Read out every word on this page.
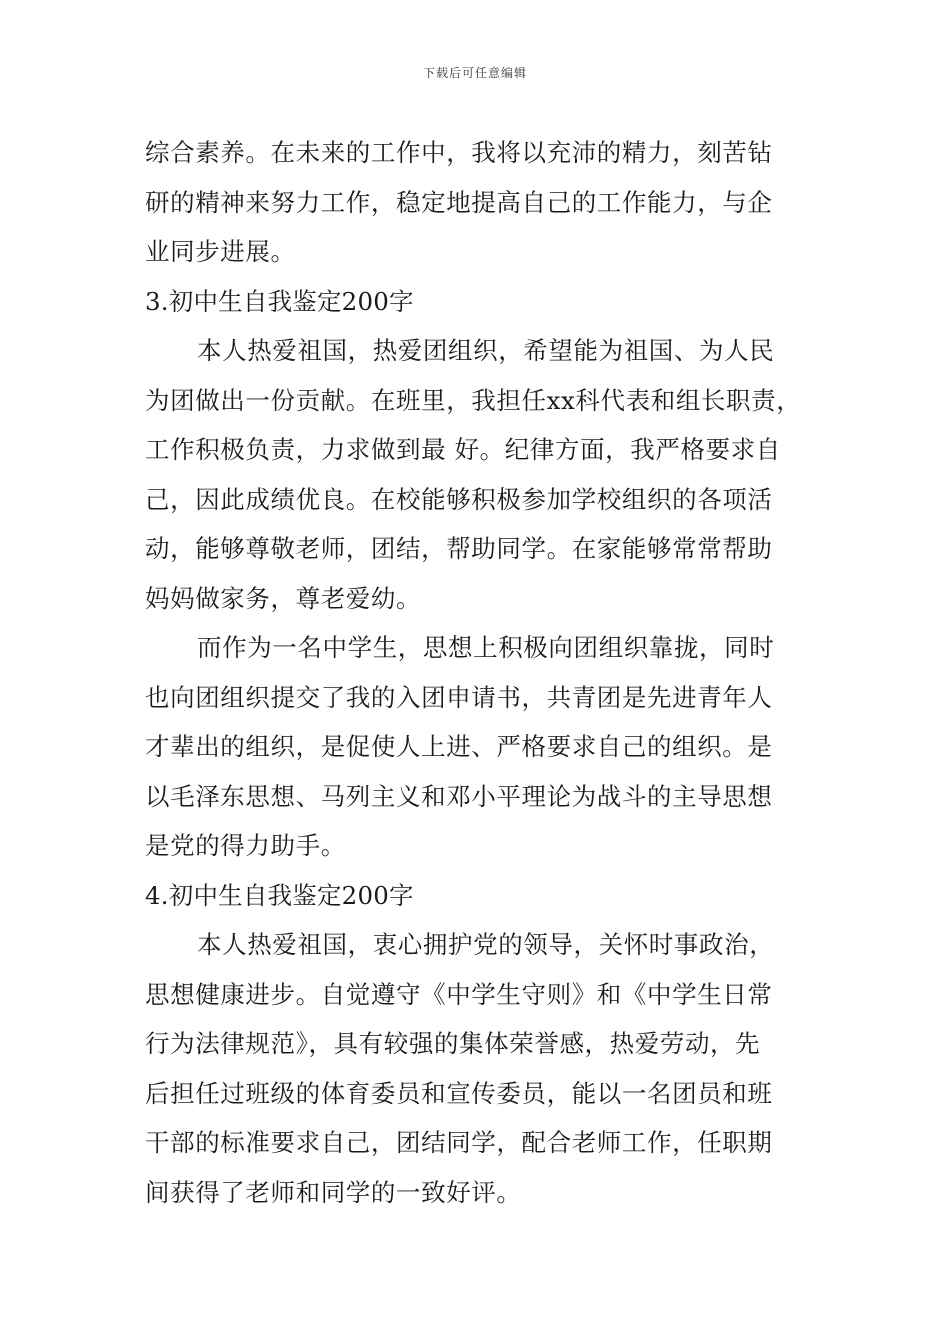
下载后可任意编辑
综合素养。在未来的工作中，我将以充沛的精力，刻苦钻
研的精神来努力工作，稳定地提高自己的工作能力，与企
业同步进展。
3.初中生自我鉴定200字
本人热爱祖国，热爱团组织，希望能为祖国、为人民
为团做出一份贡献。在班里，我担任xx科代表和组长职责，
工作积极负责，力求做到最 好。纪律方面，我严格要求自
己，因此成绩优良。在校能够积极参加学校组织的各项活
动，能够尊敬老师，团结，帮助同学。在家能够常常帮助
妈妈做家务，尊老爱幼。
而作为一名中学生，思想上积极向团组织靠拢，同时
也向团组织提交了我的入团申请书，共青团是先进青年人
才辈出的组织，是促使人上进、严格要求自己的组织。是
以毛泽东思想、马列主义和邓小平理论为战斗的主导思想
是党的得力助手。
4.初中生自我鉴定200字
本人热爱祖国，衷心拥护党的领导，关怀时事政治，
思想健康进步。自觉遵守《中学生守则》和《中学生日常
行为法律规范》，具有较强的集体荣誉感，热爱劳动，先
后担任过班级的体育委员和宣传委员，能以一名团员和班
干部的标准要求自己，团结同学，配合老师工作，任职期
间获得了老师和同学的一致好评。
